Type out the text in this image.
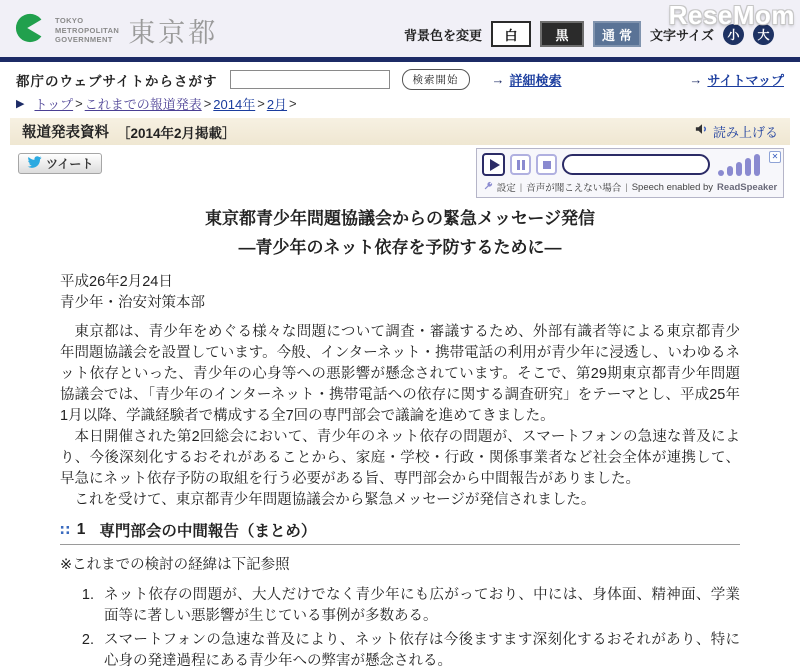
TOKYO
METROPOLITAN
GOVERNMENT 東京都	背景色を変更	白	黒	通常	文字サイズ	小	大
ReseMom
都庁のウェブサイトからさがす	検索開始	→ 詳細検索	→ サイトマップ
▶ トップ > これまでの報道発表 > 2014年 > 2月 >
報道発表資料 ［2014年2月掲載］	読み上げる
ツイート
✕
設定 | 音声が聞こえない場合 | Speech enabled by ReadSpeaker
東京都青少年問題協議会からの緊急メッセージ発信
―青少年のネット依存を予防するために―
平成26年2月24日
青少年・治安対策本部

東京都は、青少年をめぐる様々な問題について調査・審議するため、外部有識者等による東京都青少年問題協議会を設置しています。今般、インターネット・携帯電話の利用が青少年に浸透し、いわゆるネット依存といった、青少年の心身等への悪影響が懸念されています。そこで、第29期東京都青少年問題協議会では、「青少年のインターネット・携帯電話への依存に関する調査研究」をテーマとし、平成25年1月以降、学識経験者で構成する全7回の専門部会で議論を進めてきました。

本日開催された第2回総会において、青少年のネット依存の問題が、スマートフォンの急速な普及により、今後深刻化するおそれがあることから、家庭・学校・行政・関係事業者など社会全体が連携して、早急にネット依存予防の取組を行う必要がある旨、専門部会から中間報告がありました。

これを受けて、東京都青少年問題協議会から緊急メッセージが発信されました。

∷ 1 専門部会の中間報告（まとめ）
※これまでの検討の経緯は下記参照
1. ネット依存の問題が、大人だけでなく青少年にも広がっており、中には、身体面、精神面、学業面等に著しい悪影響が生じている事例が多数ある。
2. スマートフォンの急速な普及により、ネット依存は今後ますます深刻化するおそれがあり、特に心身の発達過程にある青少年への弊害が懸念される。
